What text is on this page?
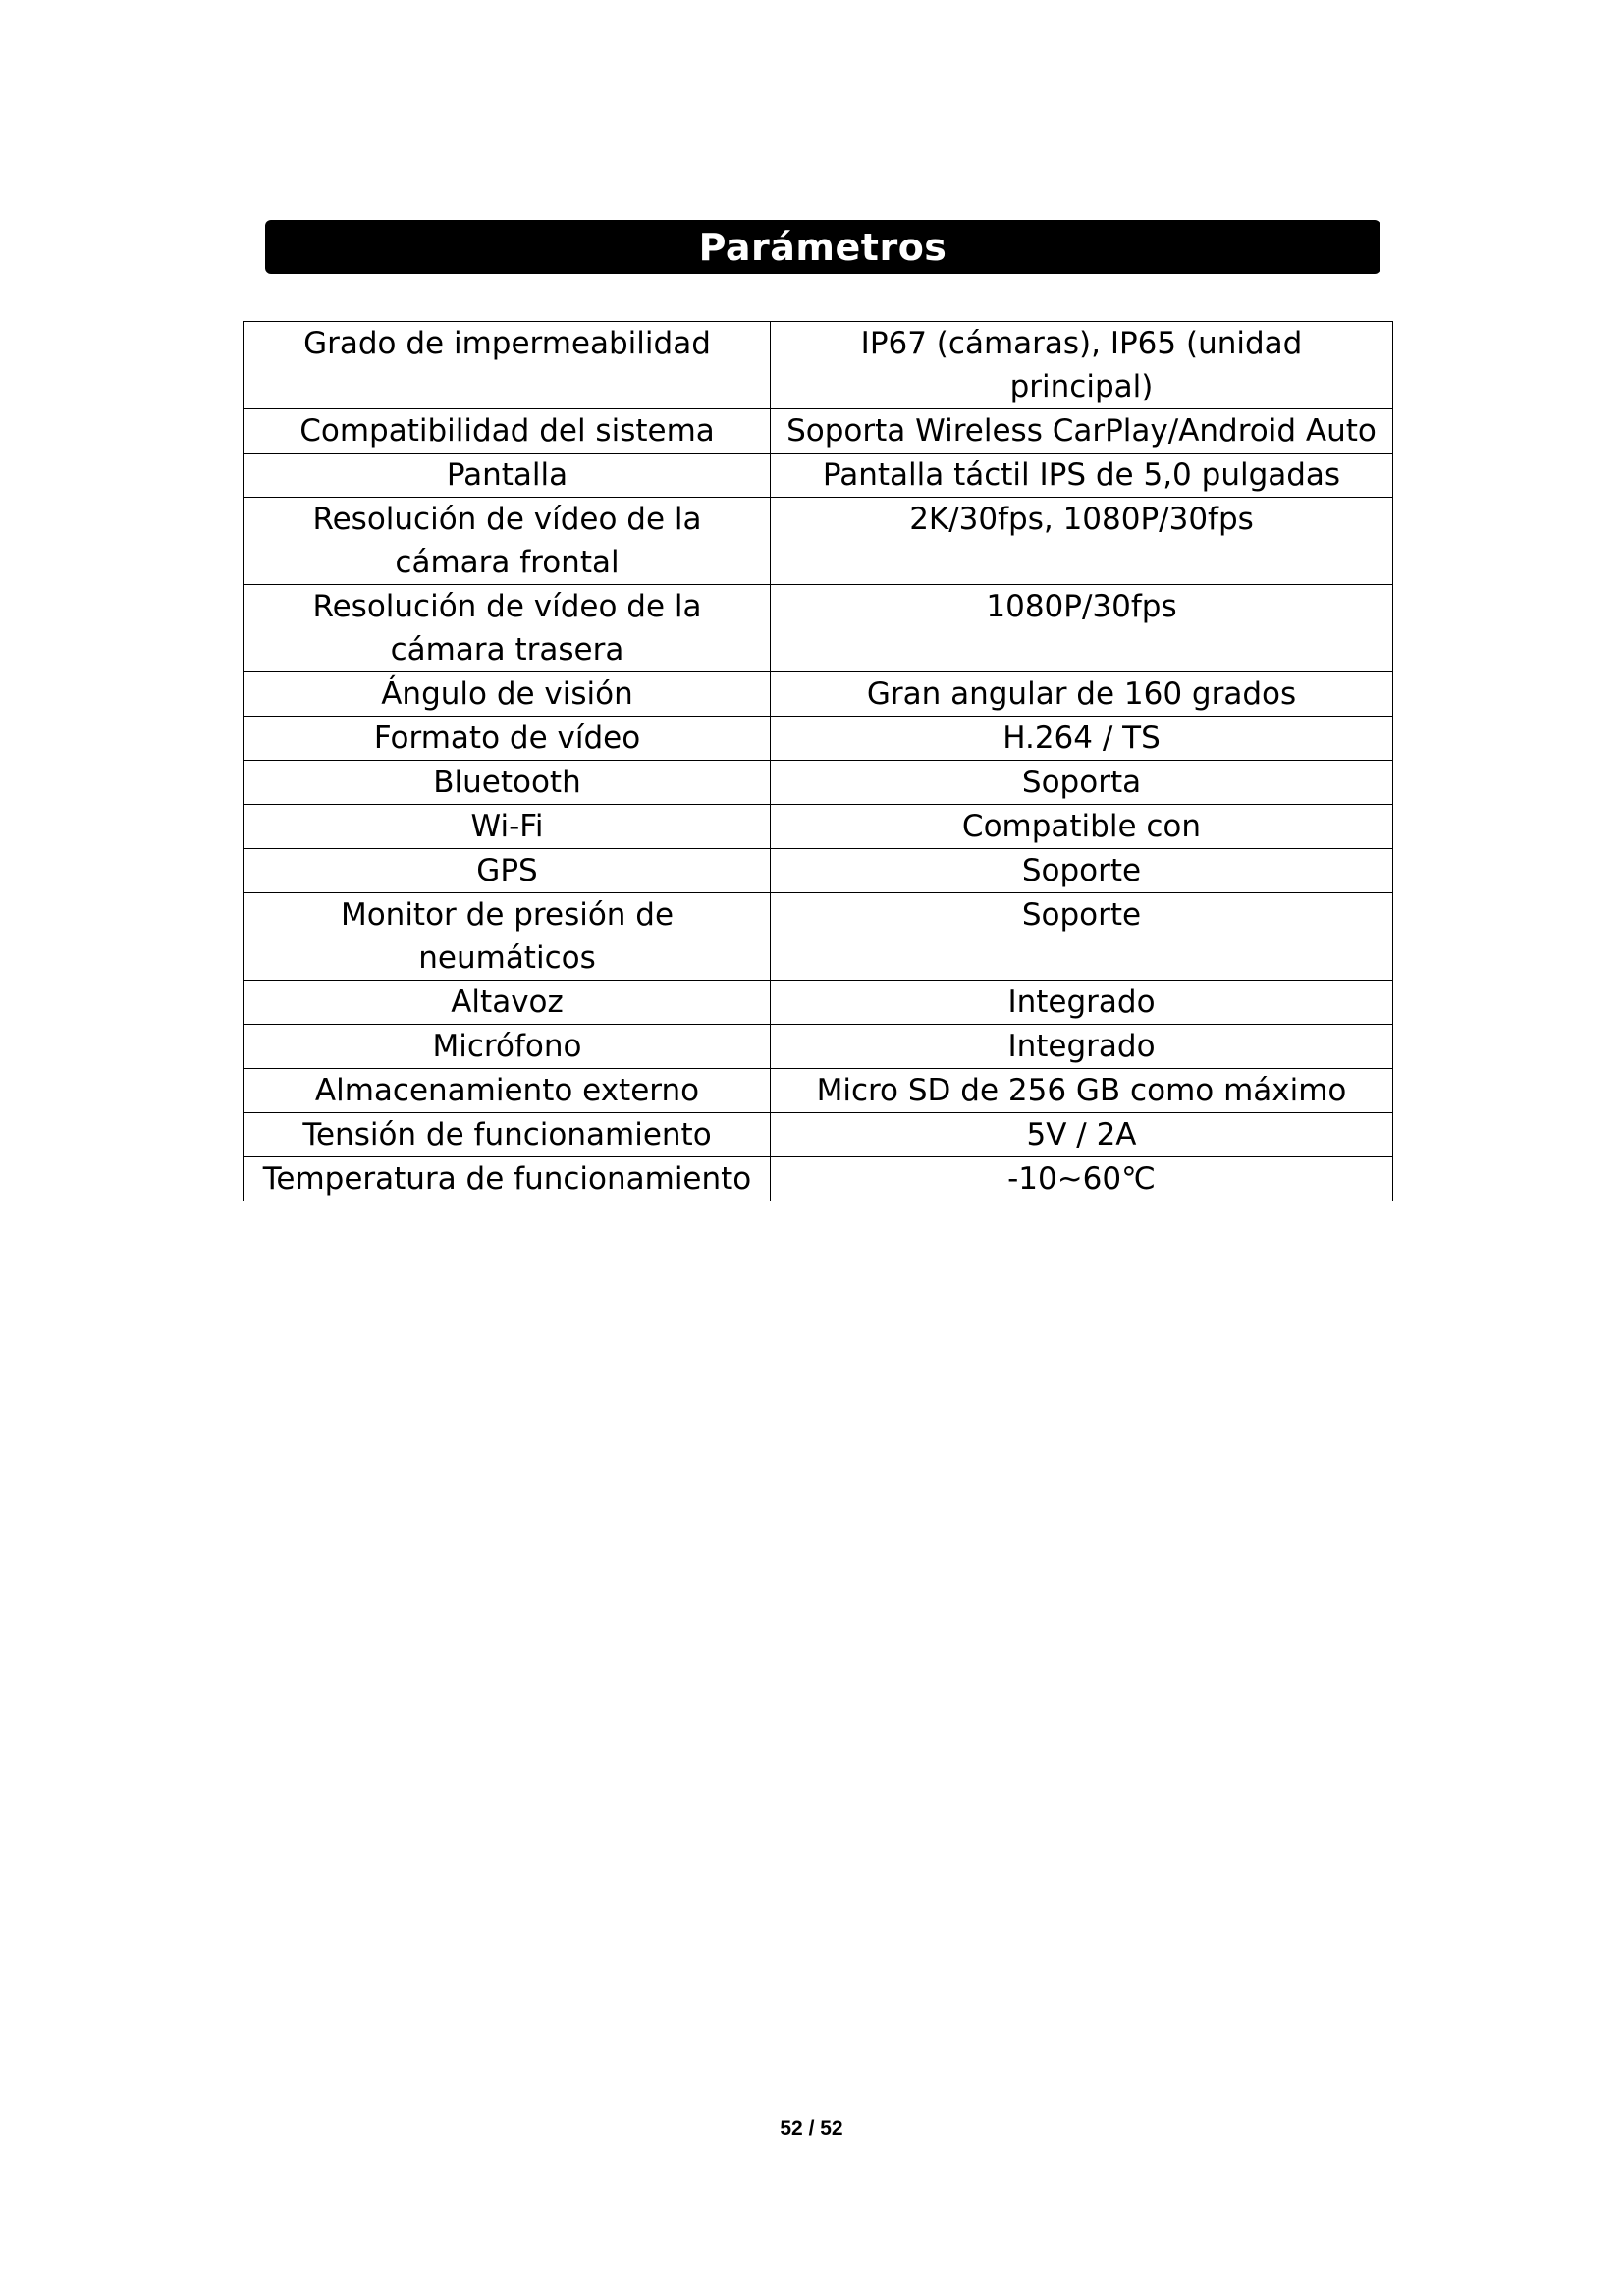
Parámetros
Grado de impermeabilidad	IP67 (cámaras), IP65 (unidad principal)
Compatibilidad del sistema	Soporta Wireless CarPlay/Android Auto
Pantalla	Pantalla táctil IPS de 5,0 pulgadas
Resolución de vídeo de la cámara frontal	2K/30fps, 1080P/30fps
Resolución de vídeo de la cámara trasera	1080P/30fps
Ángulo de visión	Gran angular de 160 grados
Formato de vídeo	H.264 / TS
Bluetooth	Soporta
Wi-Fi	Compatible con
GPS	Soporte
Monitor de presión de neumáticos	Soporte
Altavoz	Integrado
Micrófono	Integrado
Almacenamiento externo	Micro SD de 256 GB como máximo
Tensión de funcionamiento	5V / 2A
Temperatura de funcionamiento	-10~60℃
52 / 52
